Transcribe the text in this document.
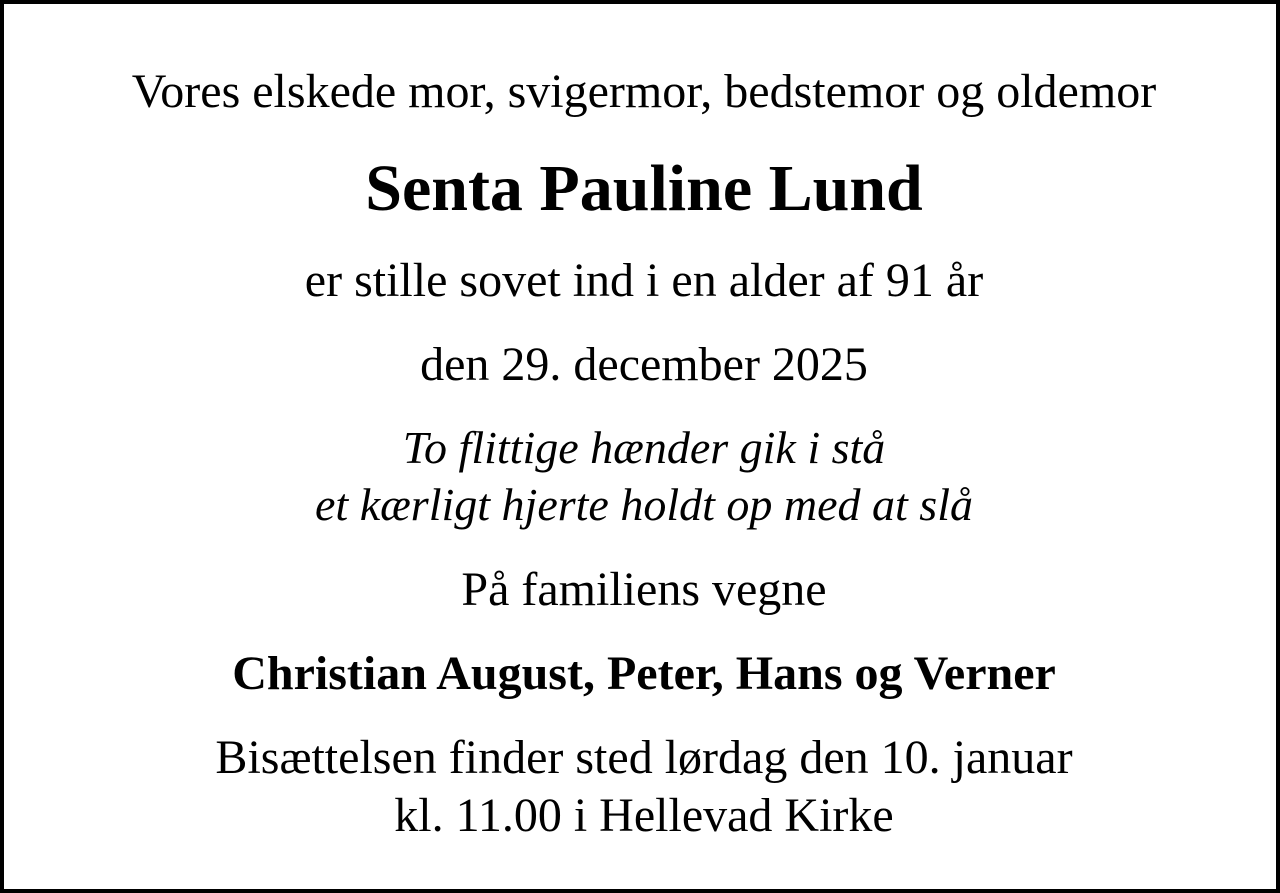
Vores elskede mor, svigermor, bedstemor og oldemor
Senta Pauline Lund
er stille sovet ind i en alder af 91 år
den 29. december 2025
To flittige hænder gik i stå
et kærligt hjerte holdt op med at slå
På familiens vegne
Christian August, Peter, Hans og Verner
Bisættelsen finder sted lørdag den 10. januar
kl. 11.00 i Hellevad Kirke
